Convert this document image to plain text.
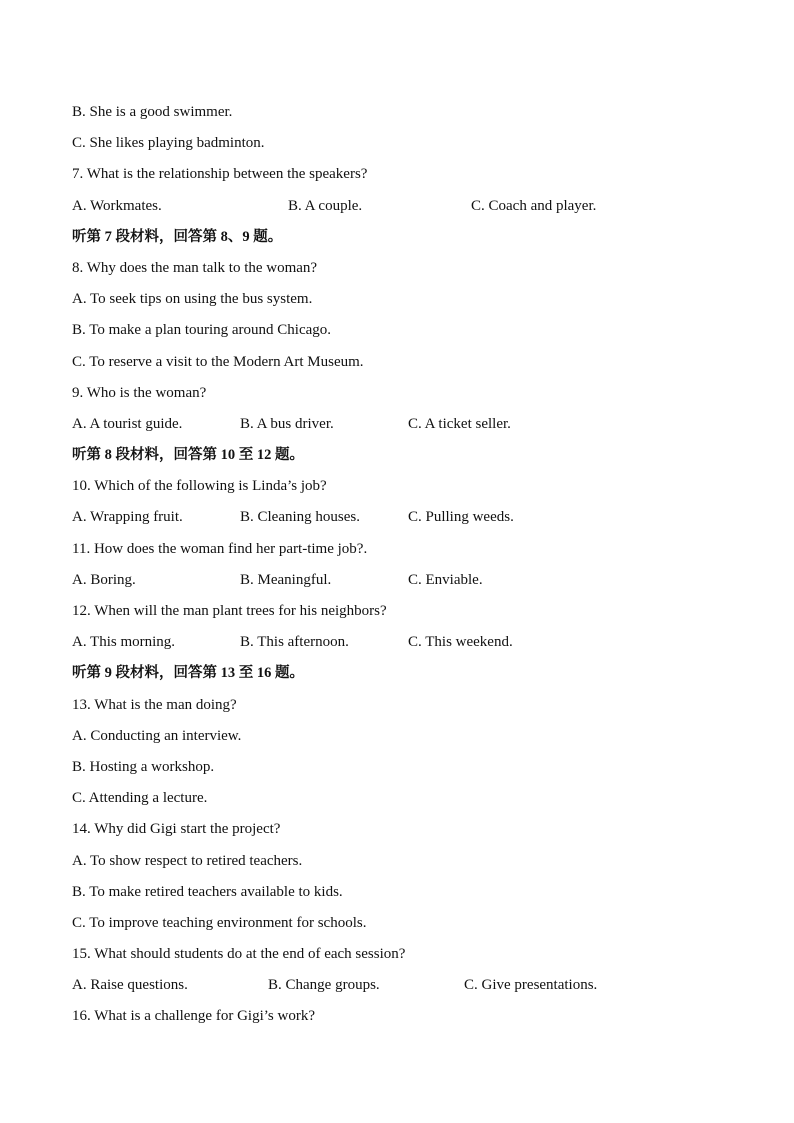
B. She is a good swimmer.
C. She likes playing badminton.
7. What is the relationship between the speakers?
A. Workmates.	B. A couple.	C. Coach and player.
听第 7 段材料，回答第 8、9 题。
8. Why does the man talk to the woman?
A. To seek tips on using the bus system.
B. To make a plan touring around Chicago.
C. To reserve a visit to the Modern Art Museum.
9. Who is the woman?
A. A tourist guide.	B. A bus driver.	C. A ticket seller.
听第 8 段材料，回答第 10 至 12 题。
10. Which of the following is Linda’s job?
A. Wrapping fruit.	B. Cleaning houses.	C. Pulling weeds.
11. How does the woman find her part-time job?.
A. Boring.	B. Meaningful.	C. Enviable.
12. When will the man plant trees for his neighbors?
A. This morning.	B. This afternoon.	C. This weekend.
听第 9 段材料，回答第 13 至 16 题。
13. What is the man doing?
A. Conducting an interview.
B. Hosting a workshop.
C. Attending a lecture.
14. Why did Gigi start the project?
A. To show respect to retired teachers.
B. To make retired teachers available to kids.
C. To improve teaching environment for schools.
15. What should students do at the end of each session?
A. Raise questions.	B. Change groups.	C. Give presentations.
16. What is a challenge for Gigi’s work?
